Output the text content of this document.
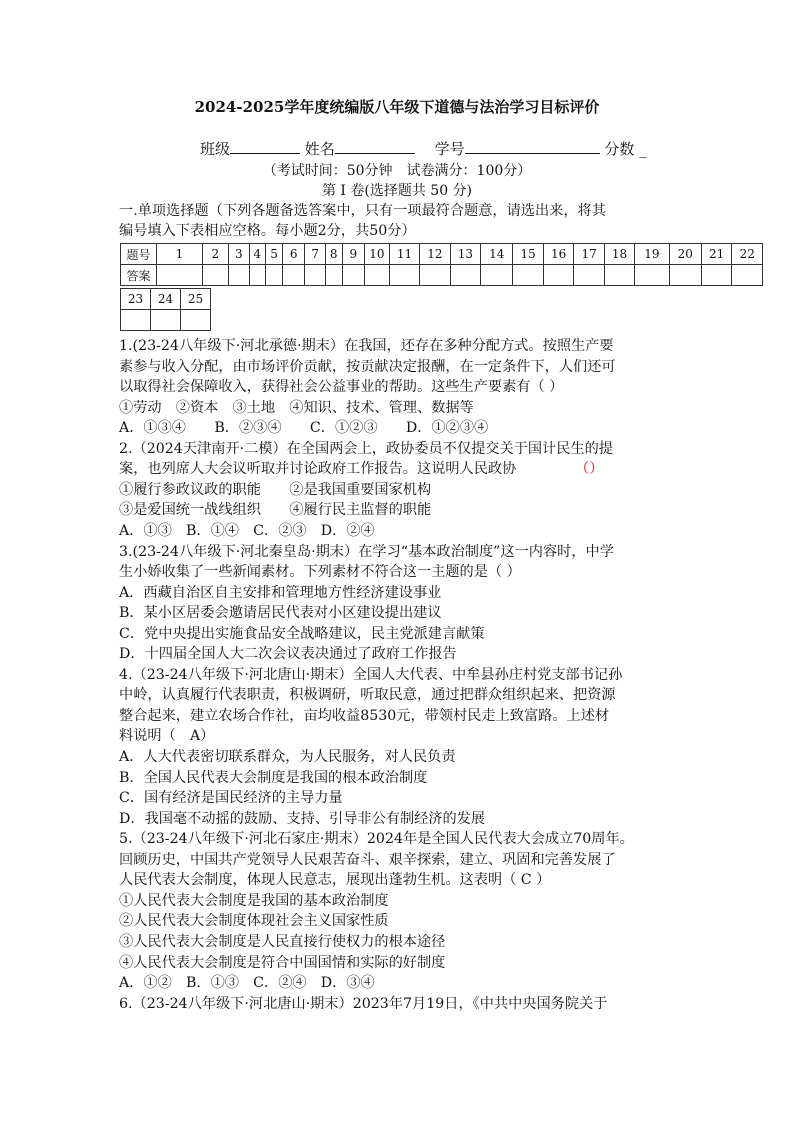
2024-2025学年度统编版八年级下道德与法治学习目标评价
班级	姓名　	学号	分数 _
（考试时间：50分钟　试卷满分：100分）
第 I 卷(选择题共 50 分)
一.单项选择题（下列各题备选答案中，只有一项最符合题意，请选出来，将其
编号填入下表相应空格。每小题2分，共50分）
题号	1	2	3	4	5	6	7	8	9	10	11	12	13	14	15	16	17	18	19	20	21	22
答案																						
23	24	25

1.(23-24八年级下·河北承德·期末）在我国，还存在多种分配方式。按照生产要
素参与收入分配，由市场评价贡献，按贡献决定报酬，在一定条件下，人们还可
以取得社会保障收入，获得社会公益事业的帮助。这些生产要素有（ ）
①劳动　②资本　③土地　④知识、技术、管理、数据等
A．①③④　　B．②③④　　C．①②③　　D．①②③④
2.（2024天津南开·二模）在全国两会上，政协委员不仅提交关于国计民生的提
案，也列席人大会议听取并讨论政府工作报告。这说明人民政协	（）
①履行参政议政的职能　　②是我国重要国家机构
③是爱国统一战线组织　　④履行民主监督的职能
A．①③　B．①④　C．②③　D．②④
3.(23-24八年级下·河北秦皇岛·期末）在学习“基本政治制度”这一内容时，中学
生小娇收集了一些新闻素材。下列素材不符合这一主题的是（ ）
A．西藏自治区自主安排和管理地方性经济建设事业
B．某小区居委会邀请居民代表对小区建设提出建议
C．党中央提出实施食品安全战略建议，民主党派建言献策
D．十四届全国人大二次会议表决通过了政府工作报告
4.（23-24八年级下·河北唐山·期末）全国人大代表、中牟县孙庄村党支部书记孙
中岭，认真履行代表职责，积极调研，听取民意，通过把群众组织起来、把资源
整合起来，建立农场合作社，亩均收益8530元，带领村民走上致富路。上述材
料说明（　A）
A．人大代表密切联系群众，为人民服务，对人民负责
B．全国人民代表大会制度是我国的根本政治制度
C．国有经济是国民经济的主导力量
D．我国毫不动摇的鼓励、支持、引导非公有制经济的发展
5.（23-24八年级下·河北石家庄·期末）2024年是全国人民代表大会成立70周年。
回顾历史，中国共产党领导人民艰苦奋斗、艰辛探索，建立、巩固和完善发展了
人民代表大会制度，体现人民意志，展现出蓬勃生机。这表明（ C ）
①人民代表大会制度是我国的基本政治制度
②人民代表大会制度体现社会主义国家性质
③人民代表大会制度是人民直接行使权力的根本途径
④人民代表大会制度是符合中国国情和实际的好制度
A．①②　B．①③　C．②④　D．③④
6.（23-24八年级下·河北唐山·期末）2023年7月19日，《中共中央国务院关于
